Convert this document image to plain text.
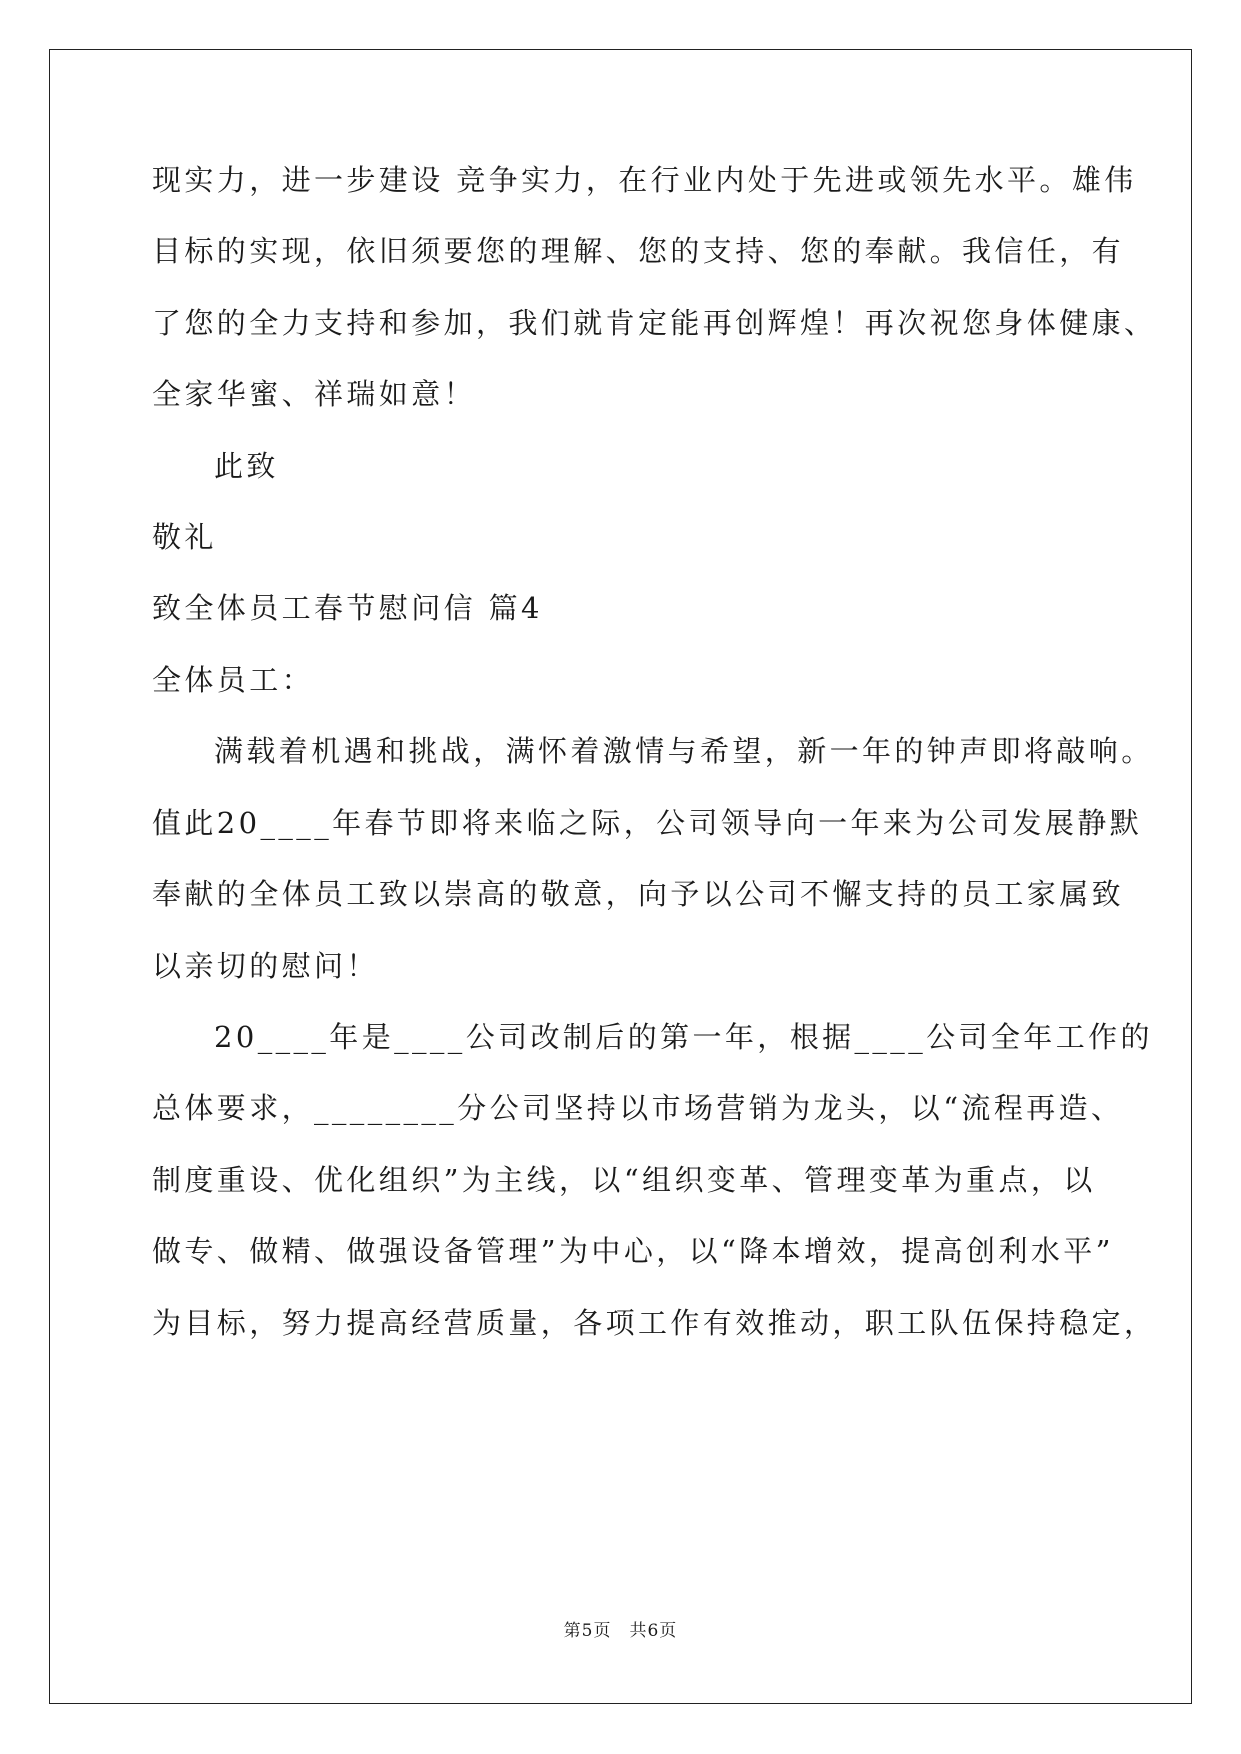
现实力，进一步建设 竞争实力，在行业内处于先进或领先水平。雄伟
目标的实现，依旧须要您的理解、您的支持、您的奉献。我信任，有
了您的全力支持和参加，我们就肯定能再创辉煌！再次祝您身体健康、
全家华蜜、祥瑞如意！
此致
敬礼
致全体员工春节慰问信 篇4
全体员工：
满载着机遇和挑战，满怀着激情与希望，新一年的钟声即将敲响。
值此20____年春节即将来临之际，公司领导向一年来为公司发展静默
奉献的全体员工致以崇高的敬意，向予以公司不懈支持的员工家属致
以亲切的慰问！
20____年是____公司改制后的第一年，根据____公司全年工作的
总体要求，________分公司坚持以市场营销为龙头，以“流程再造、
制度重设、优化组织”为主线，以“组织变革、管理变革为重点，以
做专、做精、做强设备管理”为中心，以“降本增效，提高创利水平”
为目标，努力提高经营质量，各项工作有效推动，职工队伍保持稳定，
第5页　共6页
